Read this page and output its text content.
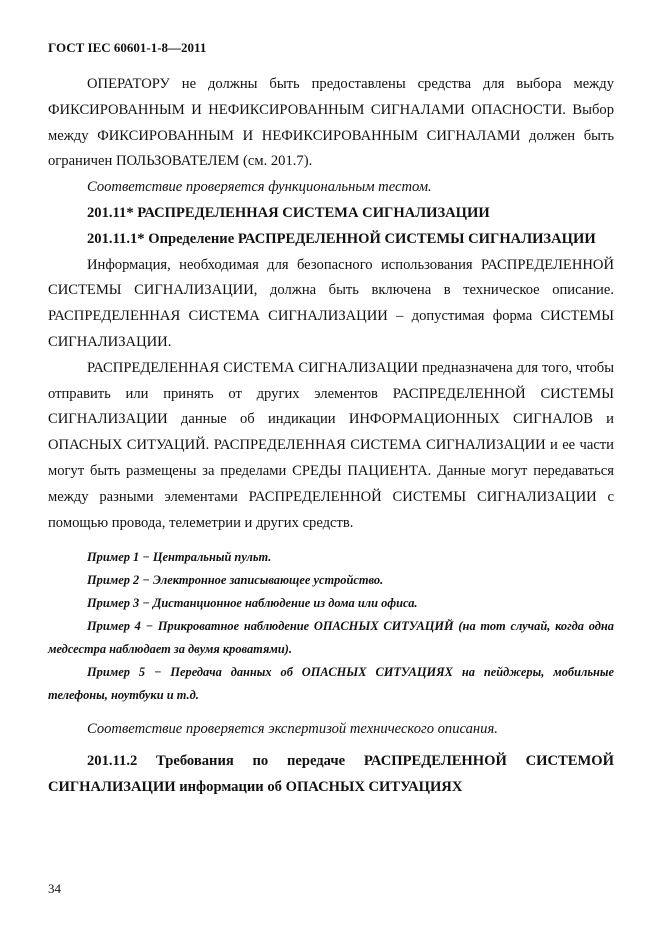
ГОСТ IEC 60601-1-8—2011

ОПЕРАТОРУ не должны быть предоставлены средства для выбора между ФИКСИРОВАННЫМ И НЕФИКСИРОВАННЫМ СИГНАЛАМИ ОПАСНОСТИ. Выбор между ФИКСИРОВАННЫМ И НЕФИКСИРОВАННЫМ СИГНАЛАМИ должен быть ограничен ПОЛЬЗОВАТЕЛЕМ (см. 201.7).

Соответствие проверяется функциональным тестом.

201.11* РАСПРЕДЕЛЕННАЯ СИСТЕМА СИГНАЛИЗАЦИИ

201.11.1* Определение РАСПРЕДЕЛЕННОЙ СИСТЕМЫ СИГНАЛИЗАЦИИ

Информация, необходимая для безопасного использования РАСПРЕДЕЛЕННОЙ СИСТЕМЫ СИГНАЛИЗАЦИИ, должна быть включена в техническое описание. РАСПРЕДЕЛЕННАЯ СИСТЕМА СИГНАЛИЗАЦИИ – допустимая форма СИСТЕМЫ СИГНАЛИЗАЦИИ.

РАСПРЕДЕЛЕННАЯ СИСТЕМА СИГНАЛИЗАЦИИ предназначена для того, чтобы отправить или принять от других элементов РАСПРЕДЕЛЕННОЙ СИСТЕМЫ СИГНАЛИЗАЦИИ данные об индикации ИНФОРМАЦИОННЫХ СИГНАЛОВ и ОПАСНЫХ СИТУАЦИЙ. РАСПРЕДЕЛЕННАЯ СИСТЕМА СИГНАЛИЗАЦИИ и ее части могут быть размещены за пределами СРЕДЫ ПАЦИЕНТА. Данные могут передаваться между разными элементами РАСПРЕДЕЛЕННОЙ СИСТЕМЫ СИГНАЛИЗАЦИИ с помощью провода, телеметрии и других средств.

Пример 1 − Центральный пульт.

Пример 2 − Электронное записывающее устройство.

Пример 3 − Дистанционное наблюдение из дома или офиса.

Пример 4 − Прикроватное наблюдение ОПАСНЫХ СИТУАЦИЙ (на тот случай, когда одна медсестра наблюдает за двумя кроватями).

Пример 5 − Передача данных об ОПАСНЫХ СИТУАЦИЯХ на пейджеры, мобильные телефоны, ноутбуки и т.д.

Соответствие проверяется экспертизой технического описания.

201.11.2 Требования по передаче РАСПРЕДЕЛЕННОЙ СИСТЕМОЙ СИГНАЛИЗАЦИИ информации об ОПАСНЫХ СИТУАЦИЯХ

34
